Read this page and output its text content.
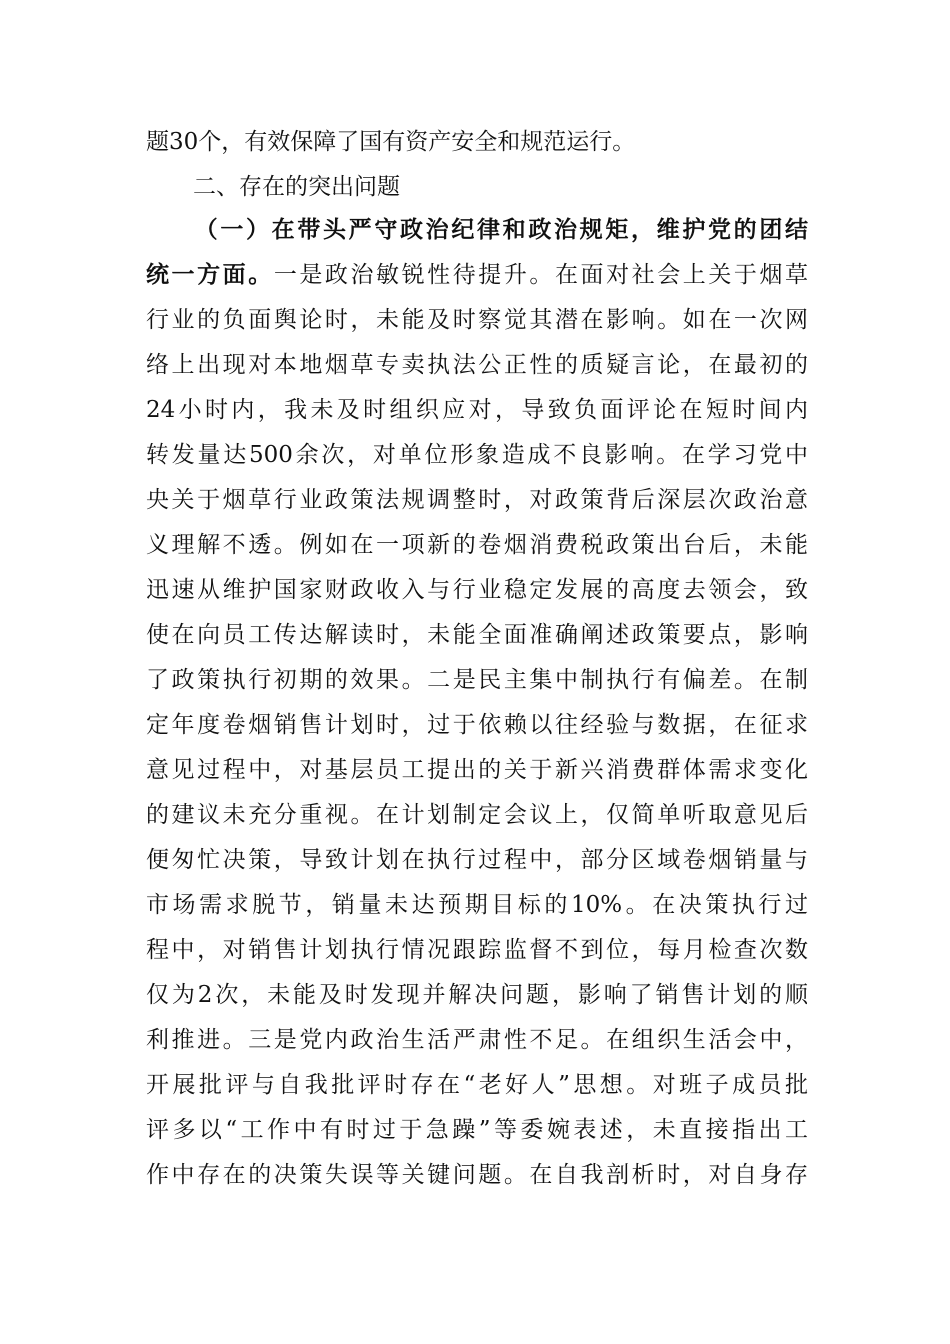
题30个，有效保障了国有资产安全和规范运行。
二、存在的突出问题
（一）在带头严守政治纪律和政治规矩，维护党的团结
统一方面。一是政治敏锐性待提升。在面对社会上关于烟草
行业的负面舆论时，未能及时察觉其潜在影响。如在一次网
络上出现对本地烟草专卖执法公正性的质疑言论，在最初的
24小时内，我未及时组织应对，导致负面评论在短时间内
转发量达500余次，对单位形象造成不良影响。在学习党中
央关于烟草行业政策法规调整时，对政策背后深层次政治意
义理解不透。例如在一项新的卷烟消费税政策出台后，未能
迅速从维护国家财政收入与行业稳定发展的高度去领会，致
使在向员工传达解读时，未能全面准确阐述政策要点，影响
了政策执行初期的效果。二是民主集中制执行有偏差。在制
定年度卷烟销售计划时，过于依赖以往经验与数据，在征求
意见过程中，对基层员工提出的关于新兴消费群体需求变化
的建议未充分重视。在计划制定会议上，仅简单听取意见后
便匆忙决策，导致计划在执行过程中，部分区域卷烟销量与
市场需求脱节，销量未达预期目标的10%。在决策执行过
程中，对销售计划执行情况跟踪监督不到位，每月检查次数
仅为2次，未能及时发现并解决问题，影响了销售计划的顺
利推进。三是党内政治生活严肃性不足。在组织生活会中，
开展批评与自我批评时存在“老好人”思想。对班子成员批
评多以“工作中有时过于急躁”等委婉表述，未直接指出工
作中存在的决策失误等关键问题。在自我剖析时，对自身存
